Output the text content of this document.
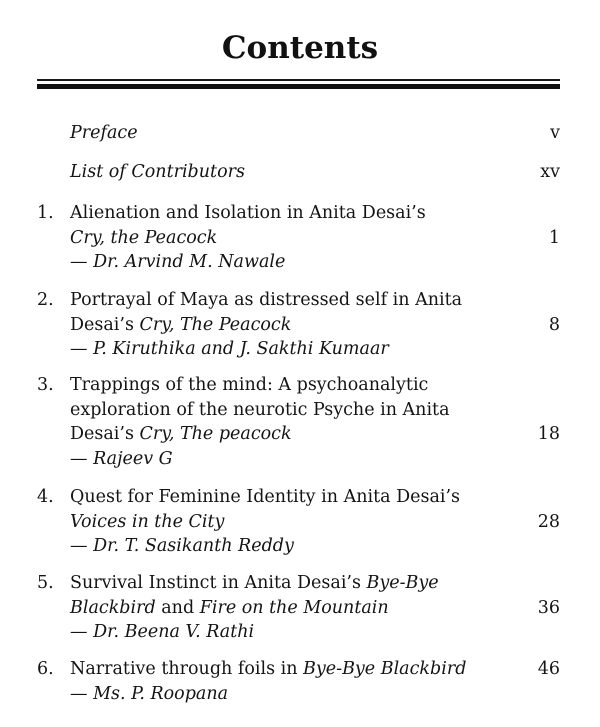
Contents
Preface	v
List of Contributors	xv
1. Alienation and Isolation in Anita Desai’s
Cry, the Peacock
— Dr. Arvind M. Nawale
1
2. Portrayal of Maya as distressed self in Anita
Desai’s Cry, The Peacock
— P. Kiruthika and J. Sakthi Kumaar
8
3. Trappings of the mind: A psychoanalytic
exploration of the neurotic Psyche in Anita
Desai’s Cry, The peacock
— Rajeev G
18
4. Quest for Feminine Identity in Anita Desai’s
Voices in the City
— Dr. T. Sasikanth Reddy
28
5. Survival Instinct in Anita Desai’s Bye-Bye
Blackbird and Fire on the Mountain
— Dr. Beena V. Rathi
36
6. Narrative through foils in Bye-Bye Blackbird
— Ms. P. Roopana
46
